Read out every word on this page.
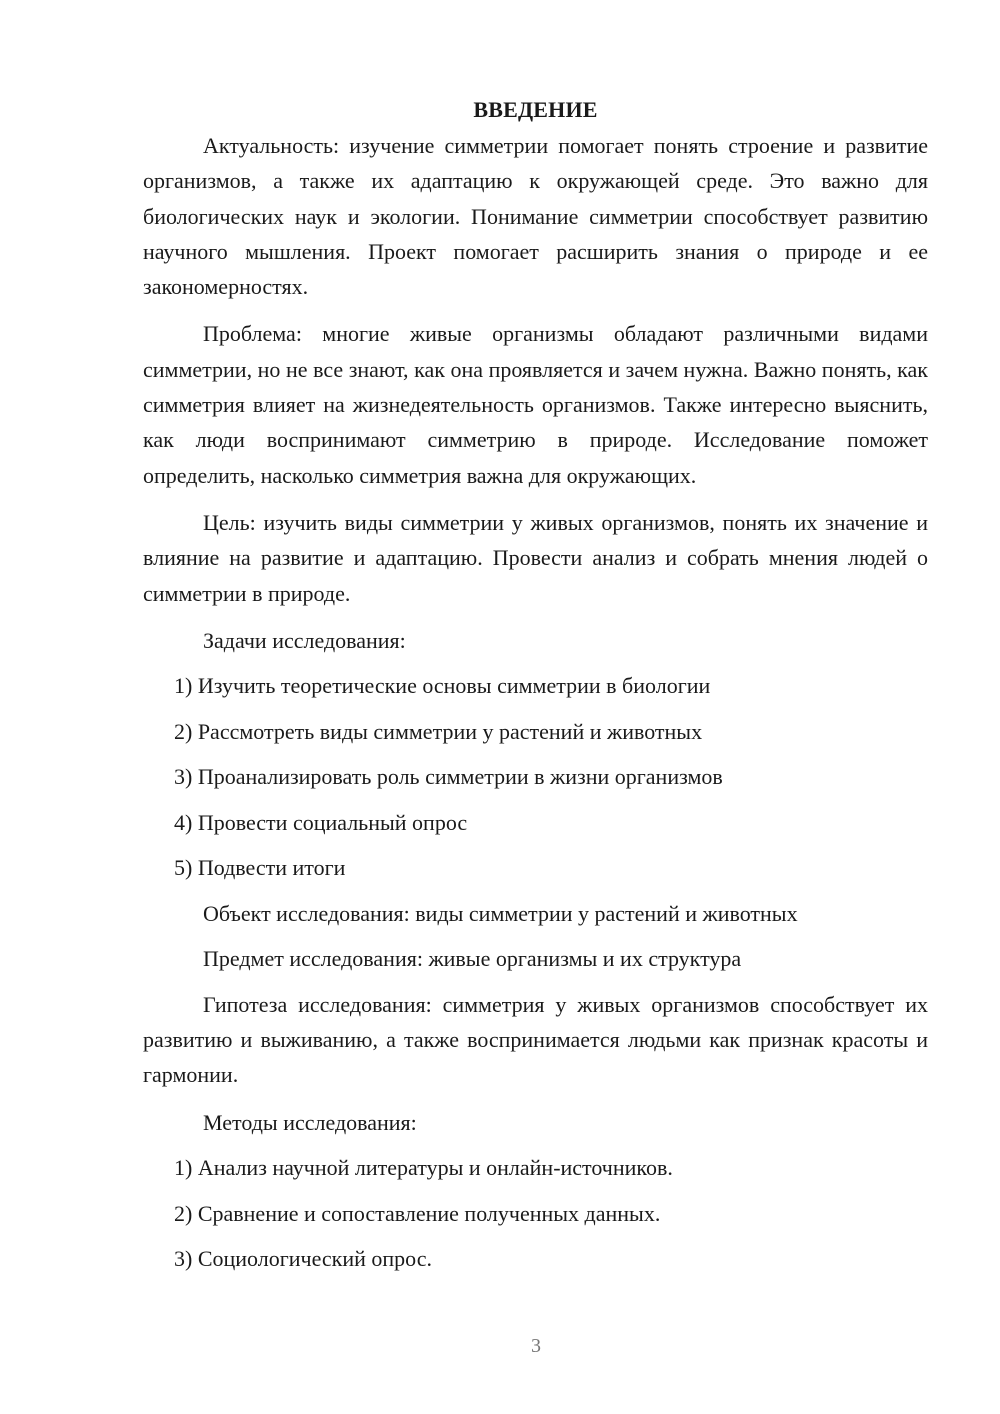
ВВЕДЕНИЕ

Актуальность: изучение симметрии помогает понять строение и развитие организмов, а также их адаптацию к окружающей среде. Это важно для биологических наук и экологии. Понимание симметрии способствует развитию научного мышления. Проект помогает расширить знания о природе и ее закономерностях.

Проблема: многие живые организмы обладают различными видами симметрии, но не все знают, как она проявляется и зачем нужна. Важно понять, как симметрия влияет на жизнедеятельность организмов. Также интересно выяснить, как люди воспринимают симметрию в природе. Исследование поможет определить, насколько симметрия важна для окружающих.

Цель: изучить виды симметрии у живых организмов, понять их значение и влияние на развитие и адаптацию. Провести анализ и собрать мнения людей о симметрии в природе.

Задачи исследования:

1) Изучить теоретические основы симметрии в биологии

2) Рассмотреть виды симметрии у растений и животных

3) Проанализировать роль симметрии в жизни организмов

4) Провести социальный опрос

5) Подвести итоги

Объект исследования: виды симметрии у растений и животных

Предмет исследования: живые организмы и их структура

Гипотеза исследования: симметрия у живых организмов способствует их развитию и выживанию, а также воспринимается людьми как признак красоты и гармонии.

Методы исследования:

1) Анализ научной литературы и онлайн-источников.

2) Сравнение и сопоставление полученных данных.

3) Социологический опрос.

3
